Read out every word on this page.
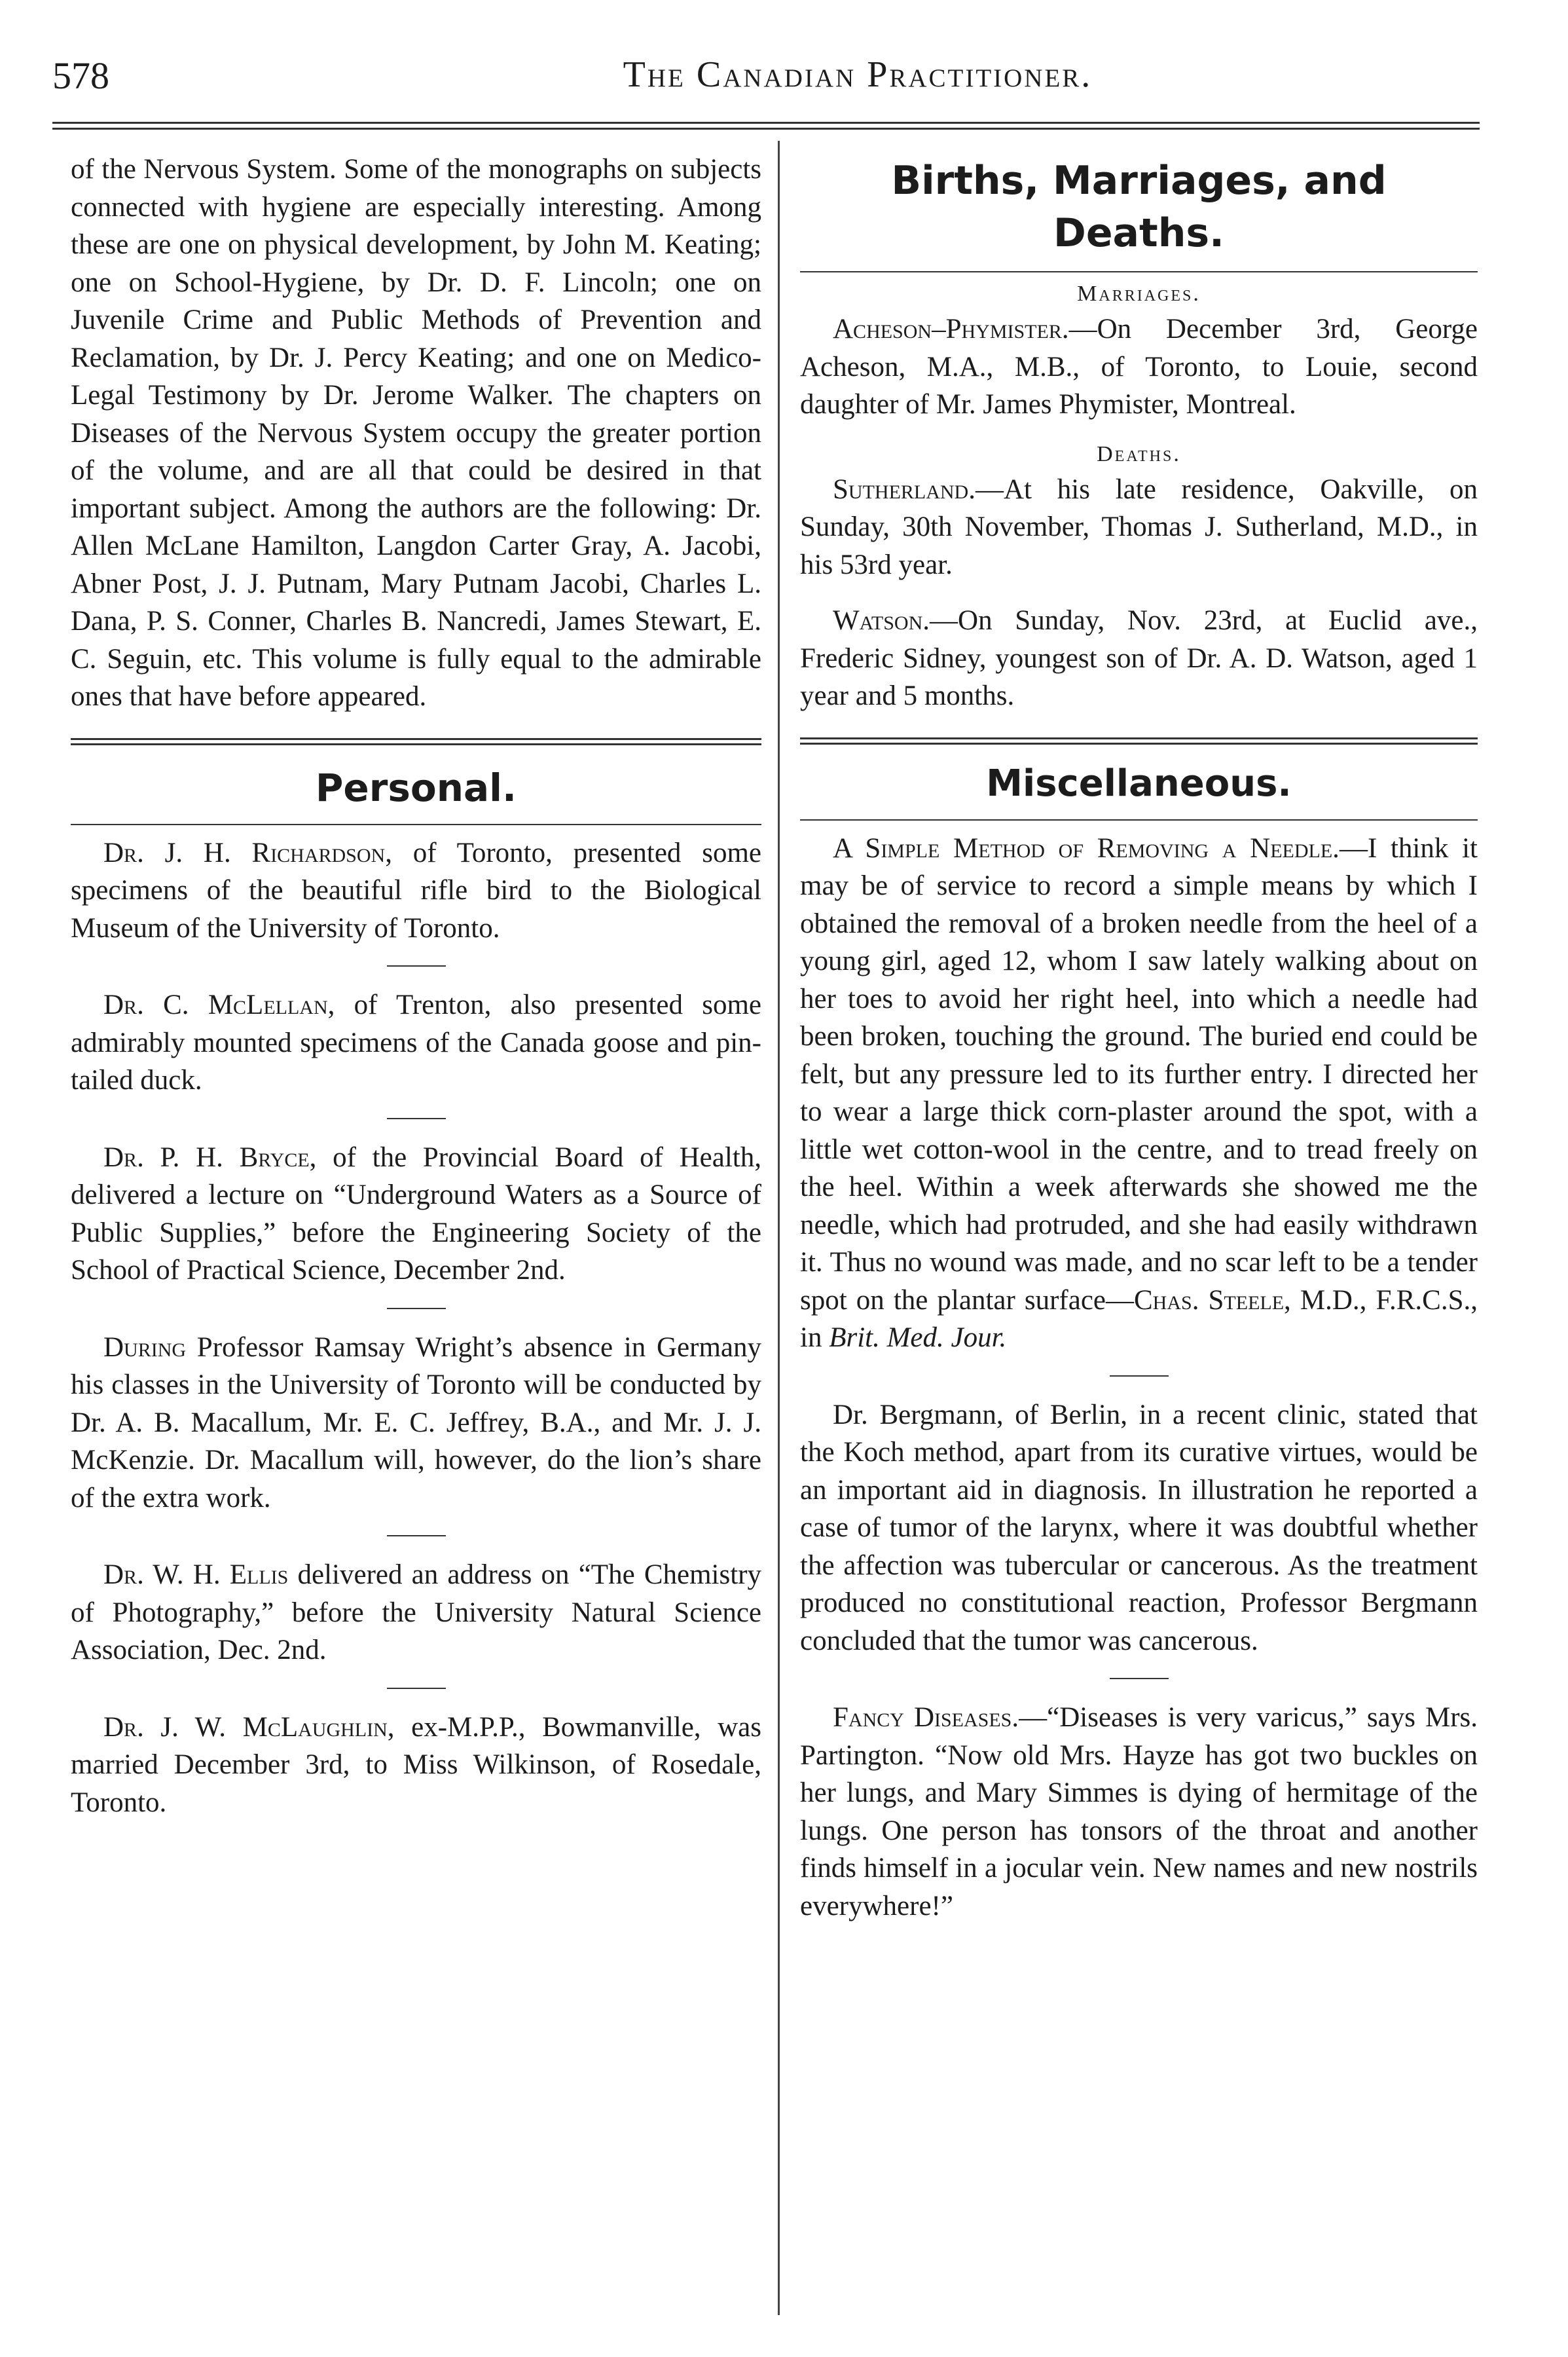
578	The Canadian Practitioner.

of the Nervous System. Some of the monographs on subjects connected with hygiene are especially interesting. Among these are one on physical development, by John M. Keating; one on School-Hygiene, by Dr. D. F. Lincoln; one on Juvenile Crime and Public Methods of Prevention and Reclamation, by Dr. J. Percy Keating; and one on Medico-Legal Testimony by Dr. Jerome Walker. The chapters on Diseases of the Nervous System occupy the greater portion of the volume, and are all that could be desired in that important subject. Among the authors are the following: Dr. Allen McLane Hamilton, Langdon Carter Gray, A. Jacobi, Abner Post, J. J. Putnam, Mary Putnam Jacobi, Charles L. Dana, P. S. Conner, Charles B. Nancredi, James Stewart, E. C. Seguin, etc. This volume is fully equal to the admirable ones that have before appeared.

Personal.

Dr. J. H. Richardson, of Toronto, presented some specimens of the beautiful rifle bird to the Biological Museum of the University of Toronto.

Dr. C. McLellan, of Trenton, also presented some admirably mounted specimens of the Canada goose and pin-tailed duck.

Dr. P. H. Bryce, of the Provincial Board of Health, delivered a lecture on “Underground Waters as a Source of Public Supplies,” before the Engineering Society of the School of Practical Science, December 2nd.

During Professor Ramsay Wright’s absence in Germany his classes in the University of Toronto will be conducted by Dr. A. B. Macallum, Mr. E. C. Jeffrey, B.A., and Mr. J. J. McKenzie. Dr. Macallum will, however, do the lion’s share of the extra work.

Dr. W. H. Ellis delivered an address on “The Chemistry of Photography,” before the University Natural Science Association, Dec. 2nd.

Dr. J. W. McLaughlin, ex-M.P.P., Bowmanville, was married December 3rd, to Miss Wilkinson, of Rosedale, Toronto.

Births, Marriages, and Deaths.
Marriages.

Acheson–Phymister.—On December 3rd, George Acheson, M.A., M.B., of Toronto, to Louie, second daughter of Mr. James Phymister, Montreal.

Deaths.

Sutherland.—At his late residence, Oakville, on Sunday, 30th November, Thomas J. Sutherland, M.D., in his 53rd year.

Watson.—On Sunday, Nov. 23rd, at Euclid ave., Frederic Sidney, youngest son of Dr. A. D. Watson, aged 1 year and 5 months.

Miscellaneous.

A Simple Method of Removing a Needle.—I think it may be of service to record a simple means by which I obtained the removal of a broken needle from the heel of a young girl, aged 12, whom I saw lately walking about on her toes to avoid her right heel, into which a needle had been broken, touching the ground. The buried end could be felt, but any pressure led to its further entry. I directed her to wear a large thick corn-plaster around the spot, with a little wet cotton-wool in the centre, and to tread freely on the heel. Within a week afterwards she showed me the needle, which had protruded, and she had easily withdrawn it. Thus no wound was made, and no scar left to be a tender spot on the plantar surface—Chas. Steele, M.D., F.R.C.S., in Brit. Med. Jour.

Dr. Bergmann, of Berlin, in a recent clinic, stated that the Koch method, apart from its curative virtues, would be an important aid in diagnosis. In illustration he reported a case of tumor of the larynx, where it was doubtful whether the affection was tubercular or cancerous. As the treatment produced no constitutional reaction, Professor Bergmann concluded that the tumor was cancerous.

Fancy Diseases.—“Diseases is very varicus,” says Mrs. Partington. “Now old Mrs. Hayze has got two buckles on her lungs, and Mary Simmes is dying of hermitage of the lungs. One person has tonsors of the throat and another finds himself in a jocular vein. New names and new nostrils everywhere!”
